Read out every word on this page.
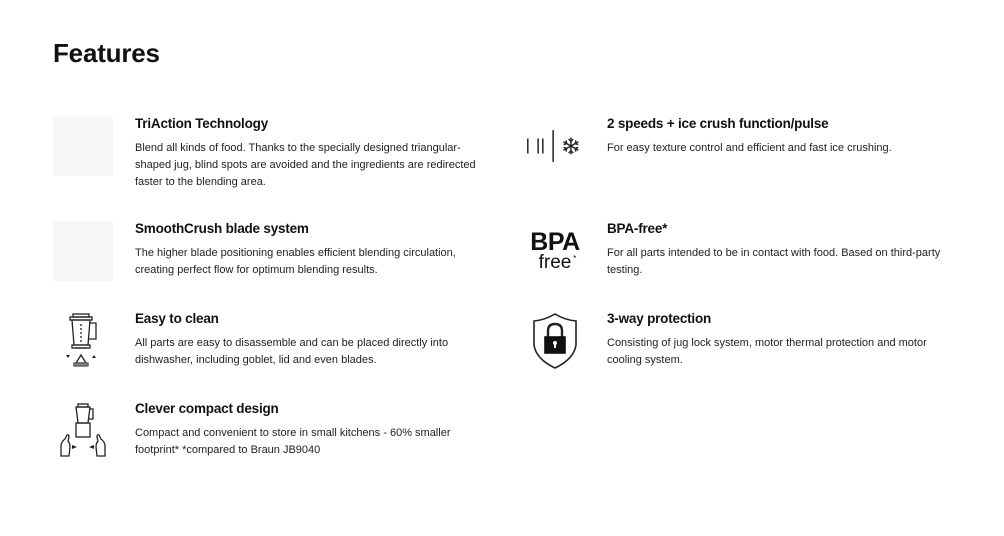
Features
TriAction Technology

Blend all kinds of food. Thanks to the specially designed triangular-shaped jug, blind spots are avoided and the ingredients are redirected faster to the blending area.

SmoothCrush blade system

The higher blade positioning enables efficient blending circulation, creating perfect flow for optimum blending results.

Easy to clean

All parts are easy to disassemble and can be placed directly into dishwasher, including goblet, lid and even blades.

Clever compact design

Compact and convenient to store in small kitchens - 60% smaller footprint* *compared to Braun JB9040

2 speeds + ice crush function/pulse

For easy texture control and efficient and fast ice crushing.

BPA
free *
BPA-free*

For all parts intended to be in contact with food. Based on third-party testing.

3-way protection

Consisting of jug lock system, motor thermal protection and motor cooling system.
